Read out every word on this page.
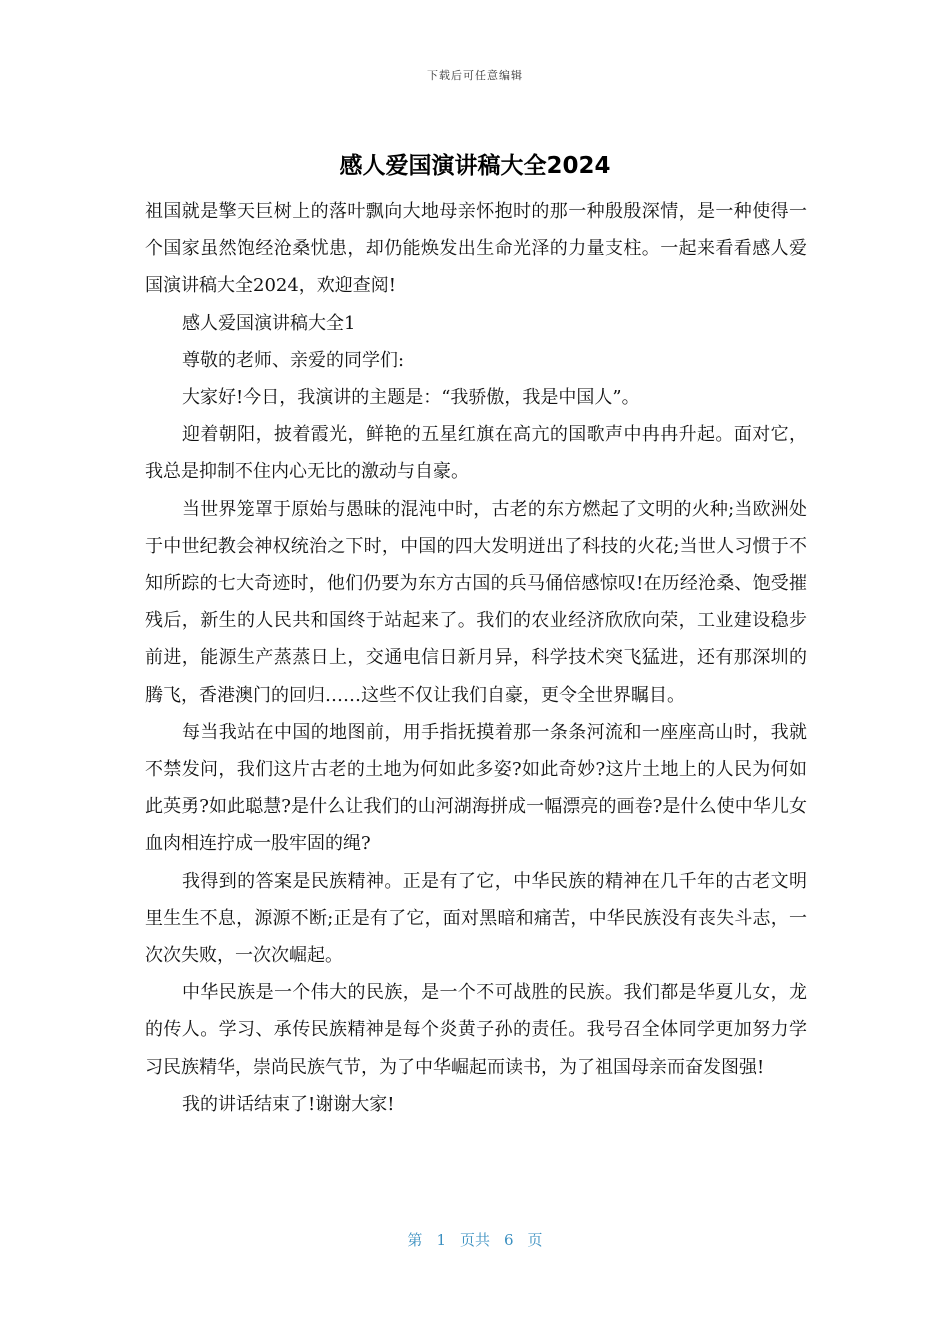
下载后可任意编辑
感人爱国演讲稿大全2024

祖国就是擎天巨树上的落叶飘向大地母亲怀抱时的那一种殷殷深情，是一种使得一个国家虽然饱经沧桑忧患，却仍能焕发出生命光泽的力量支柱。一起来看看感人爱国演讲稿大全2024，欢迎查阅!

感人爱国演讲稿大全1

尊敬的老师、亲爱的同学们:

大家好!今日，我演讲的主题是：“我骄傲，我是中国人”。

迎着朝阳，披着霞光，鲜艳的五星红旗在高亢的国歌声中冉冉升起。面对它，我总是抑制不住内心无比的激动与自豪。

当世界笼罩于原始与愚昧的混沌中时，古老的东方燃起了文明的火种;当欧洲处于中世纪教会神权统治之下时，中国的四大发明迸出了科技的火花;当世人习惯于不知所踪的七大奇迹时，他们仍要为东方古国的兵马俑倍感惊叹!在历经沧桑、饱受摧残后，新生的人民共和国终于站起来了。我们的农业经济欣欣向荣，工业建设稳步前进，能源生产蒸蒸日上，交通电信日新月异，科学技术突飞猛进，还有那深圳的腾飞，香港澳门的回归……这些不仅让我们自豪，更令全世界瞩目。

每当我站在中国的地图前，用手指抚摸着那一条条河流和一座座高山时，我就不禁发问，我们这片古老的土地为何如此多姿?如此奇妙?这片土地上的人民为何如此英勇?如此聪慧?是什么让我们的山河湖海拼成一幅漂亮的画卷?是什么使中华儿女血肉相连拧成一股牢固的绳?

我得到的答案是民族精神。正是有了它，中华民族的精神在几千年的古老文明里生生不息，源源不断;正是有了它，面对黑暗和痛苦，中华民族没有丧失斗志，一次次失败，一次次崛起。

中华民族是一个伟大的民族，是一个不可战胜的民族。我们都是华夏儿女，龙的传人。学习、承传民族精神是每个炎黄子孙的责任。我号召全体同学更加努力学习民族精华，崇尚民族气节，为了中华崛起而读书，为了祖国母亲而奋发图强!

我的讲话结束了!谢谢大家!

第 1 页共 6 页
